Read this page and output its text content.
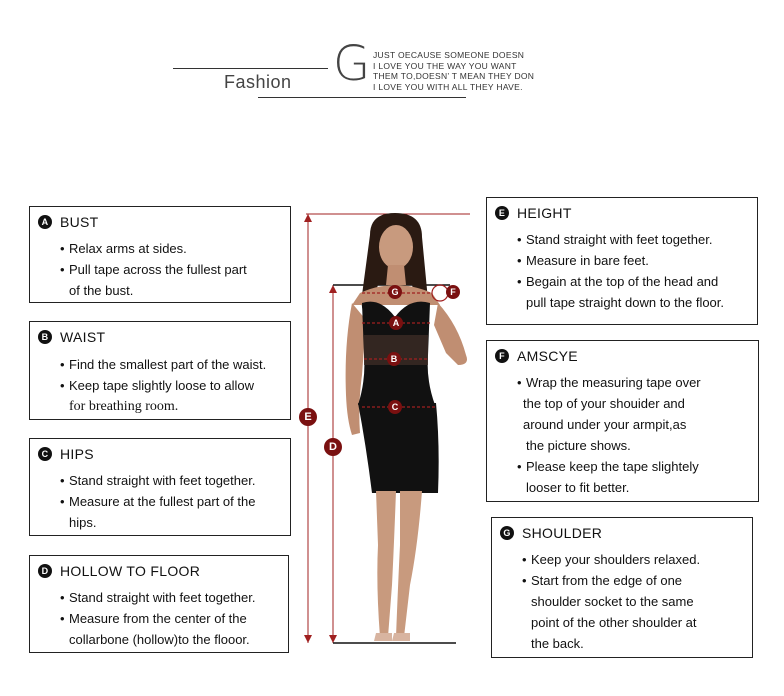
Fashion G JUST OECAUSE SOMEONE DOESN
I LOVE YOU THE WAY YOU WANT
THEM TO,DOESN’ T MEAN THEY DON
I LOVE YOU WITH ALL THEY HAVE.
A BUST
• Relax arms at sides.
• Pull tape across the fullest part
of the bust.
B WAIST
• Find the smallest part of the waist.
• Keep tape slightly loose to allow
for breathing room.
C HIPS
• Stand straight with feet together.
• Measure at the fullest part of the
hips.
D HOLLOW TO FLOOR
• Stand straight with feet together.
• Measure from the center of the
collarbone (hollow)to the flooor.
E HEIGHT
• Stand straight with feet together.
• Measure in bare feet.
• Begain at the top of the head and
pull tape straight down to the floor.
F AMSCYE
• Wrap the measuring tape over
the top of your shouider and
around under your armpit,as
the picture shows.
• Please keep the tape slightely
looser to fit better.
G SHOULDER
• Keep your shoulders relaxed.
• Start from the edge of one
shoulder socket to the same
point of the other shoulder at
the back.
G	F
A
B
C
E
D
